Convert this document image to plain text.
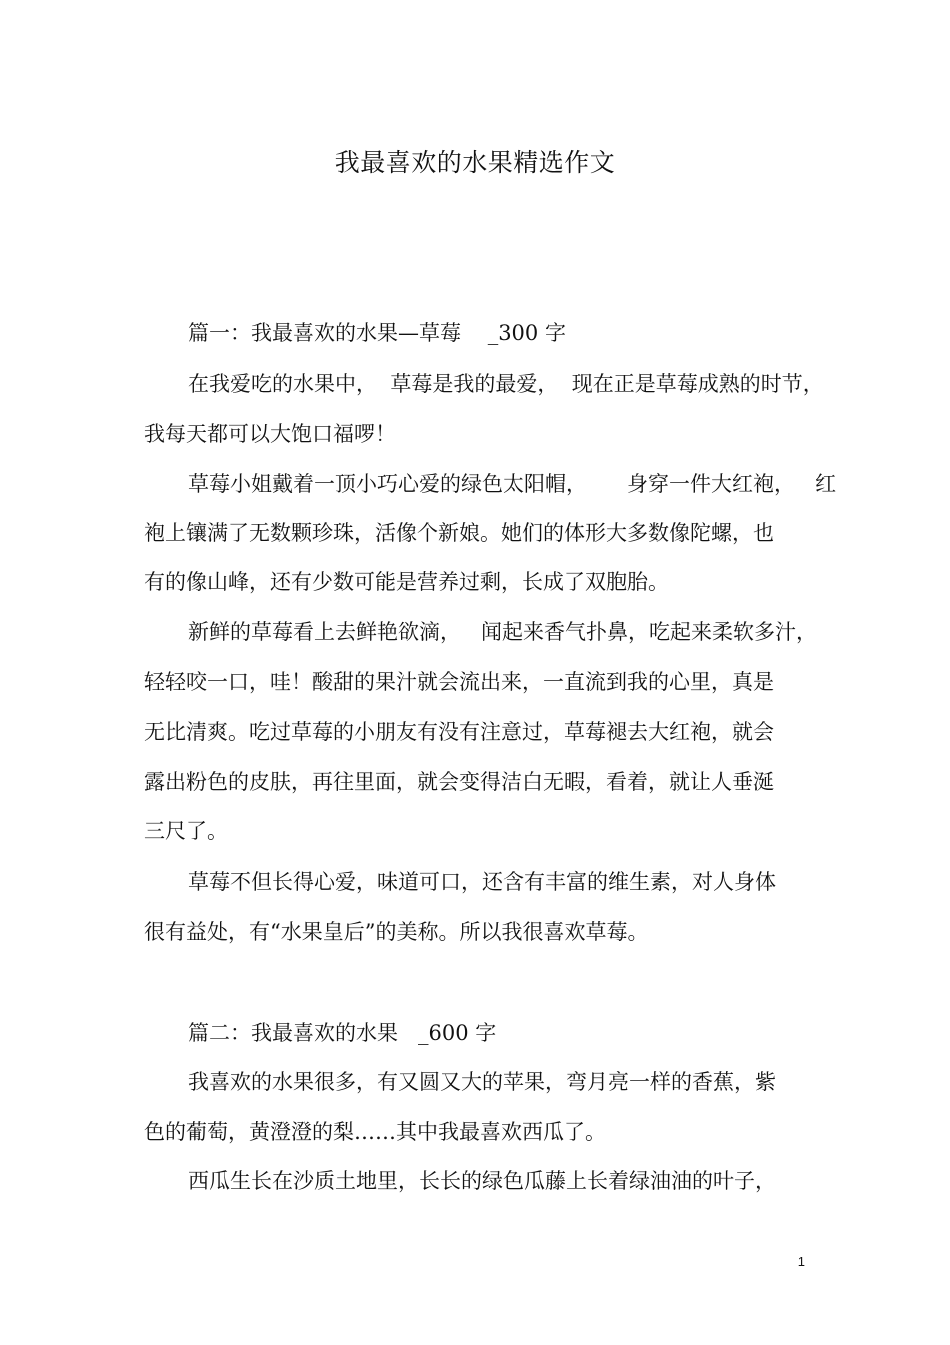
我最喜欢的水果精选作文
篇一：我最喜欢的水果—草莓    _300 字
在我爱吃的水果中，  草莓是我的最爱，  现在正是草莓成熟的时节，
我每天都可以大饱口福啰！
草莓小姐戴着一顶小巧心爱的绿色太阳帽，      身穿一件大红袍，   红
袍上镶满了无数颗珍珠，活像个新娘。她们的体形大多数像陀螺，也
有的像山峰，还有少数可能是营养过剩，长成了双胞胎。
新鲜的草莓看上去鲜艳欲滴，   闻起来香气扑鼻，吃起来柔软多汁，
轻轻咬一口，哇！酸甜的果汁就会流出来，一直流到我的心里，真是
无比清爽。吃过草莓的小朋友有没有注意过，草莓褪去大红袍，就会
露出粉色的皮肤，再往里面，就会变得洁白无暇，看着，就让人垂涎
三尺了。
草莓不但长得心爱，味道可口，还含有丰富的维生素，对人身体
很有益处，有“水果皇后”的美称。所以我很喜欢草莓。
篇二：我最喜欢的水果   _600 字
我喜欢的水果很多，有又圆又大的苹果，弯月亮一样的香蕉，紫
色的葡萄，黄澄澄的梨……其中我最喜欢西瓜了。
西瓜生长在沙质土地里，长长的绿色瓜藤上长着绿油油的叶子，
1
